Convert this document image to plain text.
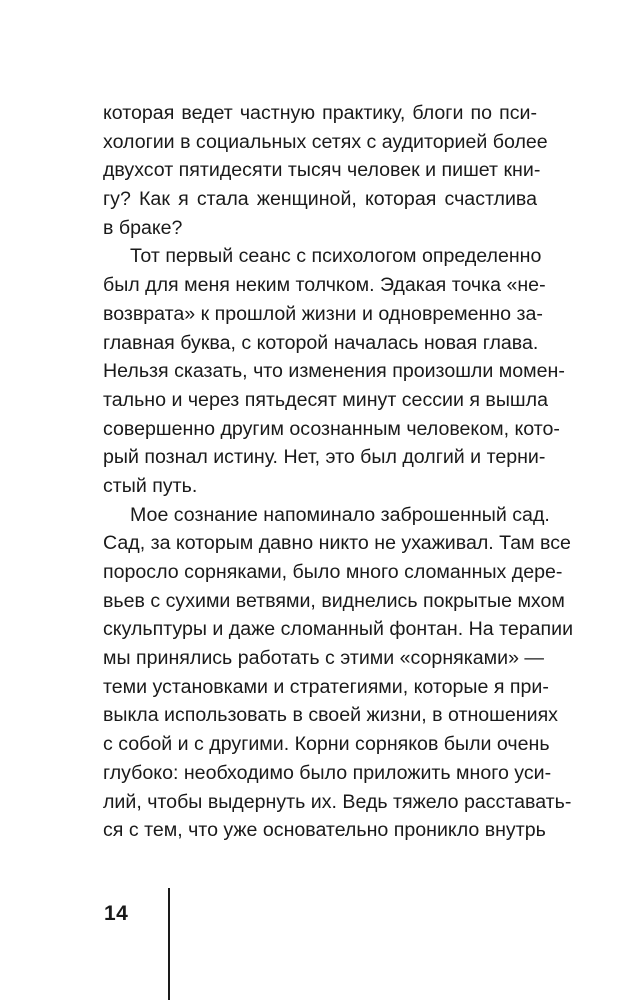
которая ведет частную практику, блоги по пси-
хологии в социальных сетях с аудиторией более
двухсот пятидесяти тысяч человек и пишет кни-
гу? Как я стала женщиной, которая счастлива
в браке?
Тот первый сеанс с психологом определенно
был для меня неким толчком. Эдакая точка «не-
возврата» к прошлой жизни и одновременно за-
главная буква, с которой началась новая глава.
Нельзя сказать, что изменения произошли момен-
тально и через пятьдесят минут сессии я вышла
совершенно другим осознанным человеком, кото-
рый познал истину. Нет, это был долгий и терни-
стый путь.
Мое сознание напоминало заброшенный сад.
Сад, за которым давно никто не ухаживал. Там все
поросло сорняками, было много сломанных дере-
вьев с сухими ветвями, виднелись покрытые мхом
скульптуры и даже сломанный фонтан. На терапии
мы принялись работать с этими «сорняками» —
теми установками и стратегиями, которые я при-
выкла использовать в своей жизни, в отношениях
с собой и с другими. Корни сорняков были очень
глубоко: необходимо было приложить много уси-
лий, чтобы выдернуть их. Ведь тяжело расставать-
ся с тем, что уже основательно проникло внутрь
14
